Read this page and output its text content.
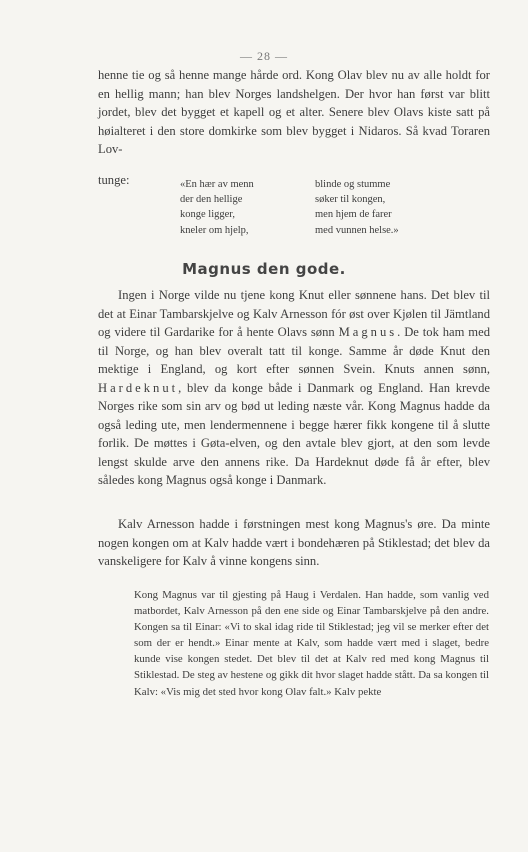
— 28 —

henne tie og så henne mange hårde ord. Kong Olav blev nu av alle holdt for en hellig mann; han blev Norges landshelgen. Der hvor han først var blitt jordet, blev det bygget et kapell og et alter. Senere blev Olavs kiste satt på høialteret i den store domkirke som blev bygget i Nidaros. Så kvad Toraren Lov-

tunge:	«En hær av menn
der den hellige
konge ligger,
kneler om hjelp,
blinde og stumme
søker til kongen,
men hjem de farer
med vunnen helse.»
Magnus den gode.

Ingen i Norge vilde nu tjene kong Knut eller sønnene hans. Det blev til det at Einar Tambarskjelve og Kalv Arnesson fór øst over Kjølen til Jämtland og videre til Gardarike for å hente Olavs sønn Magnus. De tok ham med til Norge, og han blev overalt tatt til konge. Samme år døde Knut den mektige i England, og kort efter sønnen Svein. Knuts annen sønn, Hardeknut, blev da konge både i Danmark og England. Han krevde Norges rike som sin arv og bød ut leding næste vår. Kong Magnus hadde da også leding ute, men lendermennene i begge hærer fikk kongene til å slutte forlik. De møttes i Gøta-elven, og den avtale blev gjort, at den som levde lengst skulde arve den annens rike. Da Hardeknut døde få år efter, blev således kong Magnus også konge i Danmark.

Kalv Arnesson hadde i førstningen mest kong Magnus's øre. Da minte nogen kongen om at Kalv hadde vært i bondehæren på Stiklestad; det blev da vanskeligere for Kalv å vinne kongens sinn.

Kong Magnus var til gjesting på Haug i Verdalen. Han hadde, som vanlig ved matbordet, Kalv Arnesson på den ene side og Einar Tambarskjelve på den andre. Kongen sa til Einar: «Vi to skal idag ride til Stiklestad; jeg vil se merker efter det som der er hendt.» Einar mente at Kalv, som hadde vært med i slaget, bedre kunde vise kongen stedet. Det blev til det at Kalv red med kong Magnus til Stiklestad. De steg av hestene og gikk dit hvor slaget hadde stått. Da sa kongen til Kalv: «Vis mig det sted hvor kong Olav falt.» Kalv pekte
